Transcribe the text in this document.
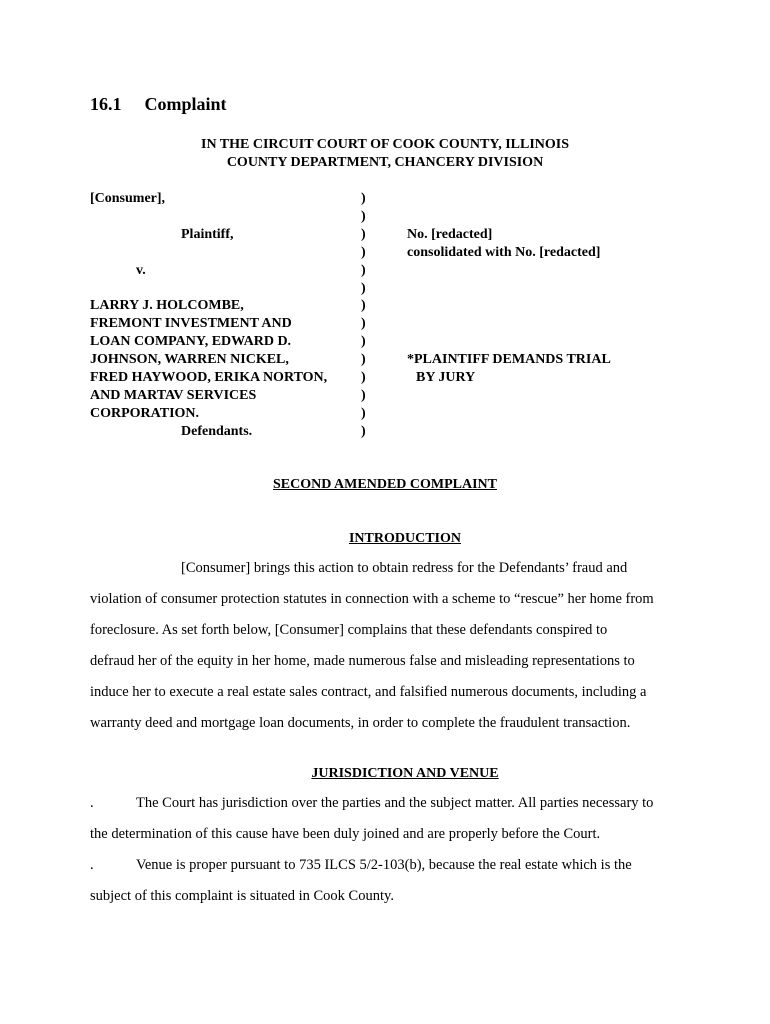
16.1 Complaint
IN THE CIRCUIT COURT OF COOK COUNTY, ILLINOIS
COUNTY DEPARTMENT, CHANCERY DIVISION
[Consumer],
Plaintiff,
v.
LARRY J. HOLCOMBE,
FREMONT INVESTMENT AND
LOAN COMPANY, EDWARD D.
JOHNSON, WARREN NICKEL,
FRED HAYWOOD, ERIKA NORTON,
AND MARTAV SERVICES
CORPORATION.
Defendants.
)
)
)
)
)
)
)
)
)
)
)
)
)
)
No. [redacted]
consolidated with No. [redacted]
*PLAINTIFF DEMANDS TRIAL
BY JURY
SECOND AMENDED COMPLAINT
INTRODUCTION
[Consumer] brings this action to obtain redress for the Defendants’ fraud and
violation of consumer protection statutes in connection with a scheme to “rescue” her home from
foreclosure. As set forth below, [Consumer] complains that these defendants conspired to
defraud her of the equity in her home, made numerous false and misleading representations to
induce her to execute a real estate sales contract, and falsified numerous documents, including a
warranty deed and mortgage loan documents, in order to complete the fraudulent transaction.
JURISDICTION AND VENUE
.	The Court has jurisdiction over the parties and the subject matter. All parties necessary to
the determination of this cause have been duly joined and are properly before the Court.
.	Venue is proper pursuant to 735 ILCS 5/2-103(b), because the real estate which is the
subject of this complaint is situated in Cook County.
